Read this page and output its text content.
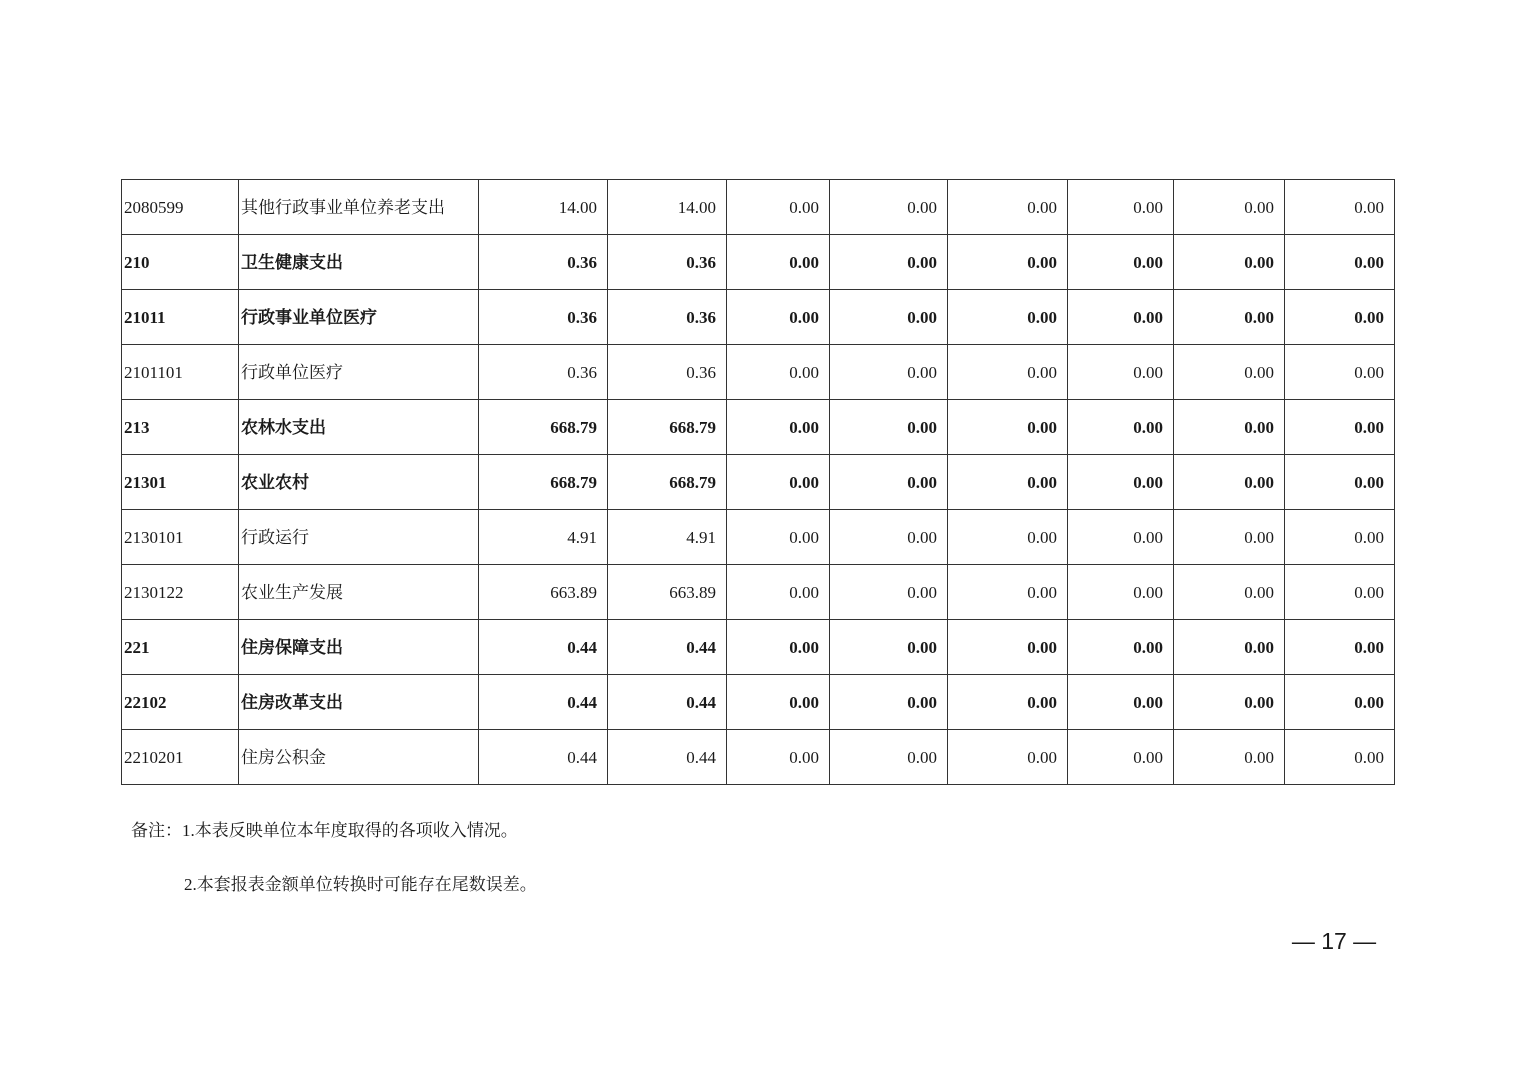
2080599	其他行政事业单位养老支出	14.00	14.00	0.00	0.00	0.00	0.00	0.00	0.00
210	卫生健康支出	0.36	0.36	0.00	0.00	0.00	0.00	0.00	0.00
21011	行政事业单位医疗	0.36	0.36	0.00	0.00	0.00	0.00	0.00	0.00
2101101	行政单位医疗	0.36	0.36	0.00	0.00	0.00	0.00	0.00	0.00
213	农林水支出	668.79	668.79	0.00	0.00	0.00	0.00	0.00	0.00
21301	农业农村	668.79	668.79	0.00	0.00	0.00	0.00	0.00	0.00
2130101	行政运行	4.91	4.91	0.00	0.00	0.00	0.00	0.00	0.00
2130122	农业生产发展	663.89	663.89	0.00	0.00	0.00	0.00	0.00	0.00
221	住房保障支出	0.44	0.44	0.00	0.00	0.00	0.00	0.00	0.00
22102	住房改革支出	0.44	0.44	0.00	0.00	0.00	0.00	0.00	0.00
2210201	住房公积金	0.44	0.44	0.00	0.00	0.00	0.00	0.00	0.00
备注：1.本表反映单位本年度取得的各项收入情况。
2.本套报表金额单位转换时可能存在尾数误差。
— 17 —
